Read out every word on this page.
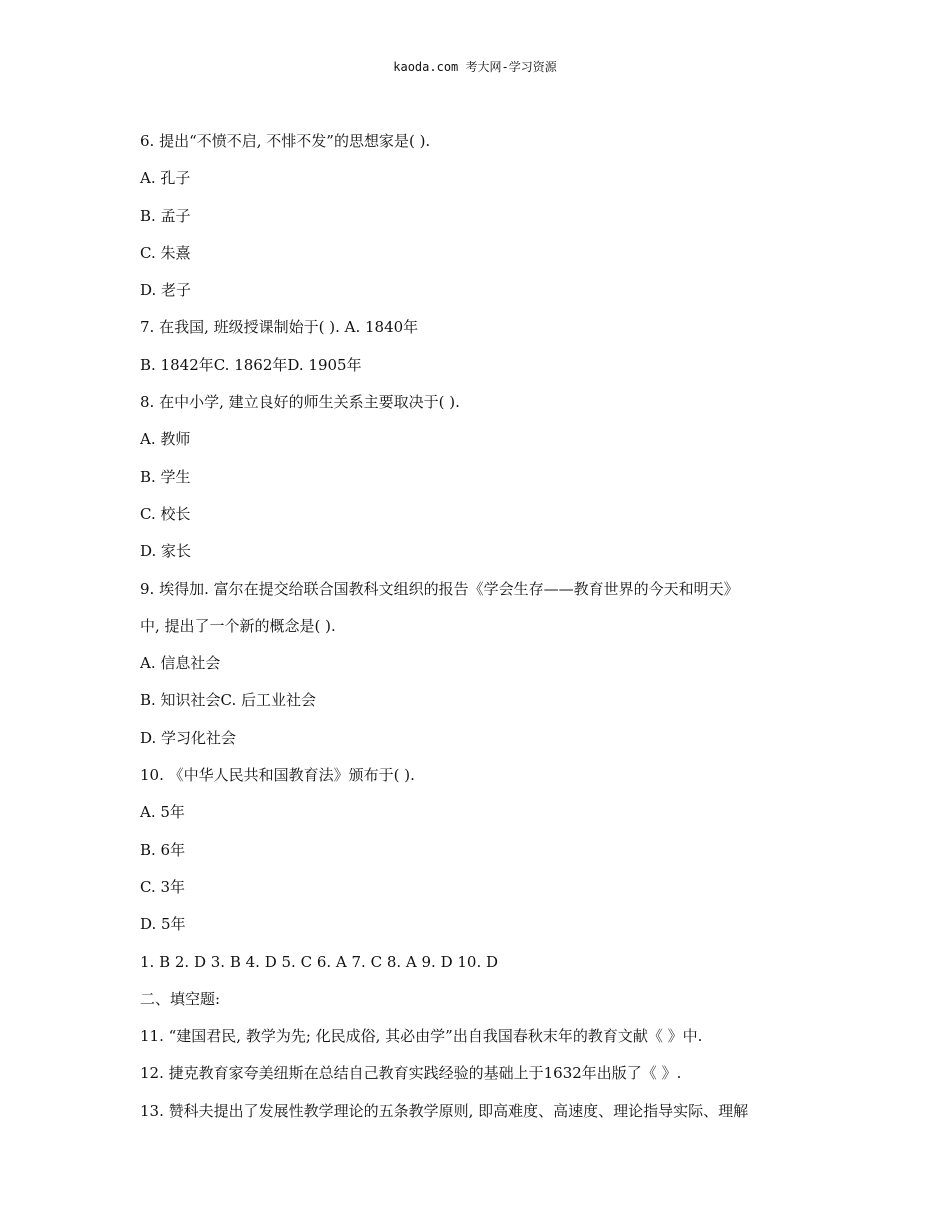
kaoda.com 考大网-学习资源
6. 提出“不愤不启, 不悱不发”的思想家是( ).
A. 孔子
B. 孟子
C. 朱熹
D. 老子
7. 在我国, 班级授课制始于( ). A. 1840年
B. 1842年C. 1862年D. 1905年
8. 在中小学, 建立良好的师生关系主要取决于( ).
A. 教师
B. 学生
C. 校长
D. 家长
9. 埃得加. 富尔在提交给联合国教科文组织的报告《学会生存——教育世界的今天和明天》
中, 提出了一个新的概念是( ).
A. 信息社会
B. 知识社会C. 后工业社会
D. 学习化社会
10. 《中华人民共和国教育法》颁布于( ).
A. 5年
B. 6年
C. 3年
D. 5年
1. B 2. D 3. B 4. D 5. C 6. A 7. C 8. A 9. D 10. D
二、填空题:
11. “建国君民, 教学为先; 化民成俗, 其必由学”出自我国春秋末年的教育文献《 》中.
12. 捷克教育家夸美纽斯在总结自己教育实践经验的基础上于1632年出版了《 》.
13. 赞科夫提出了发展性教学理论的五条教学原则, 即高难度、高速度、理论指导实际、理解
